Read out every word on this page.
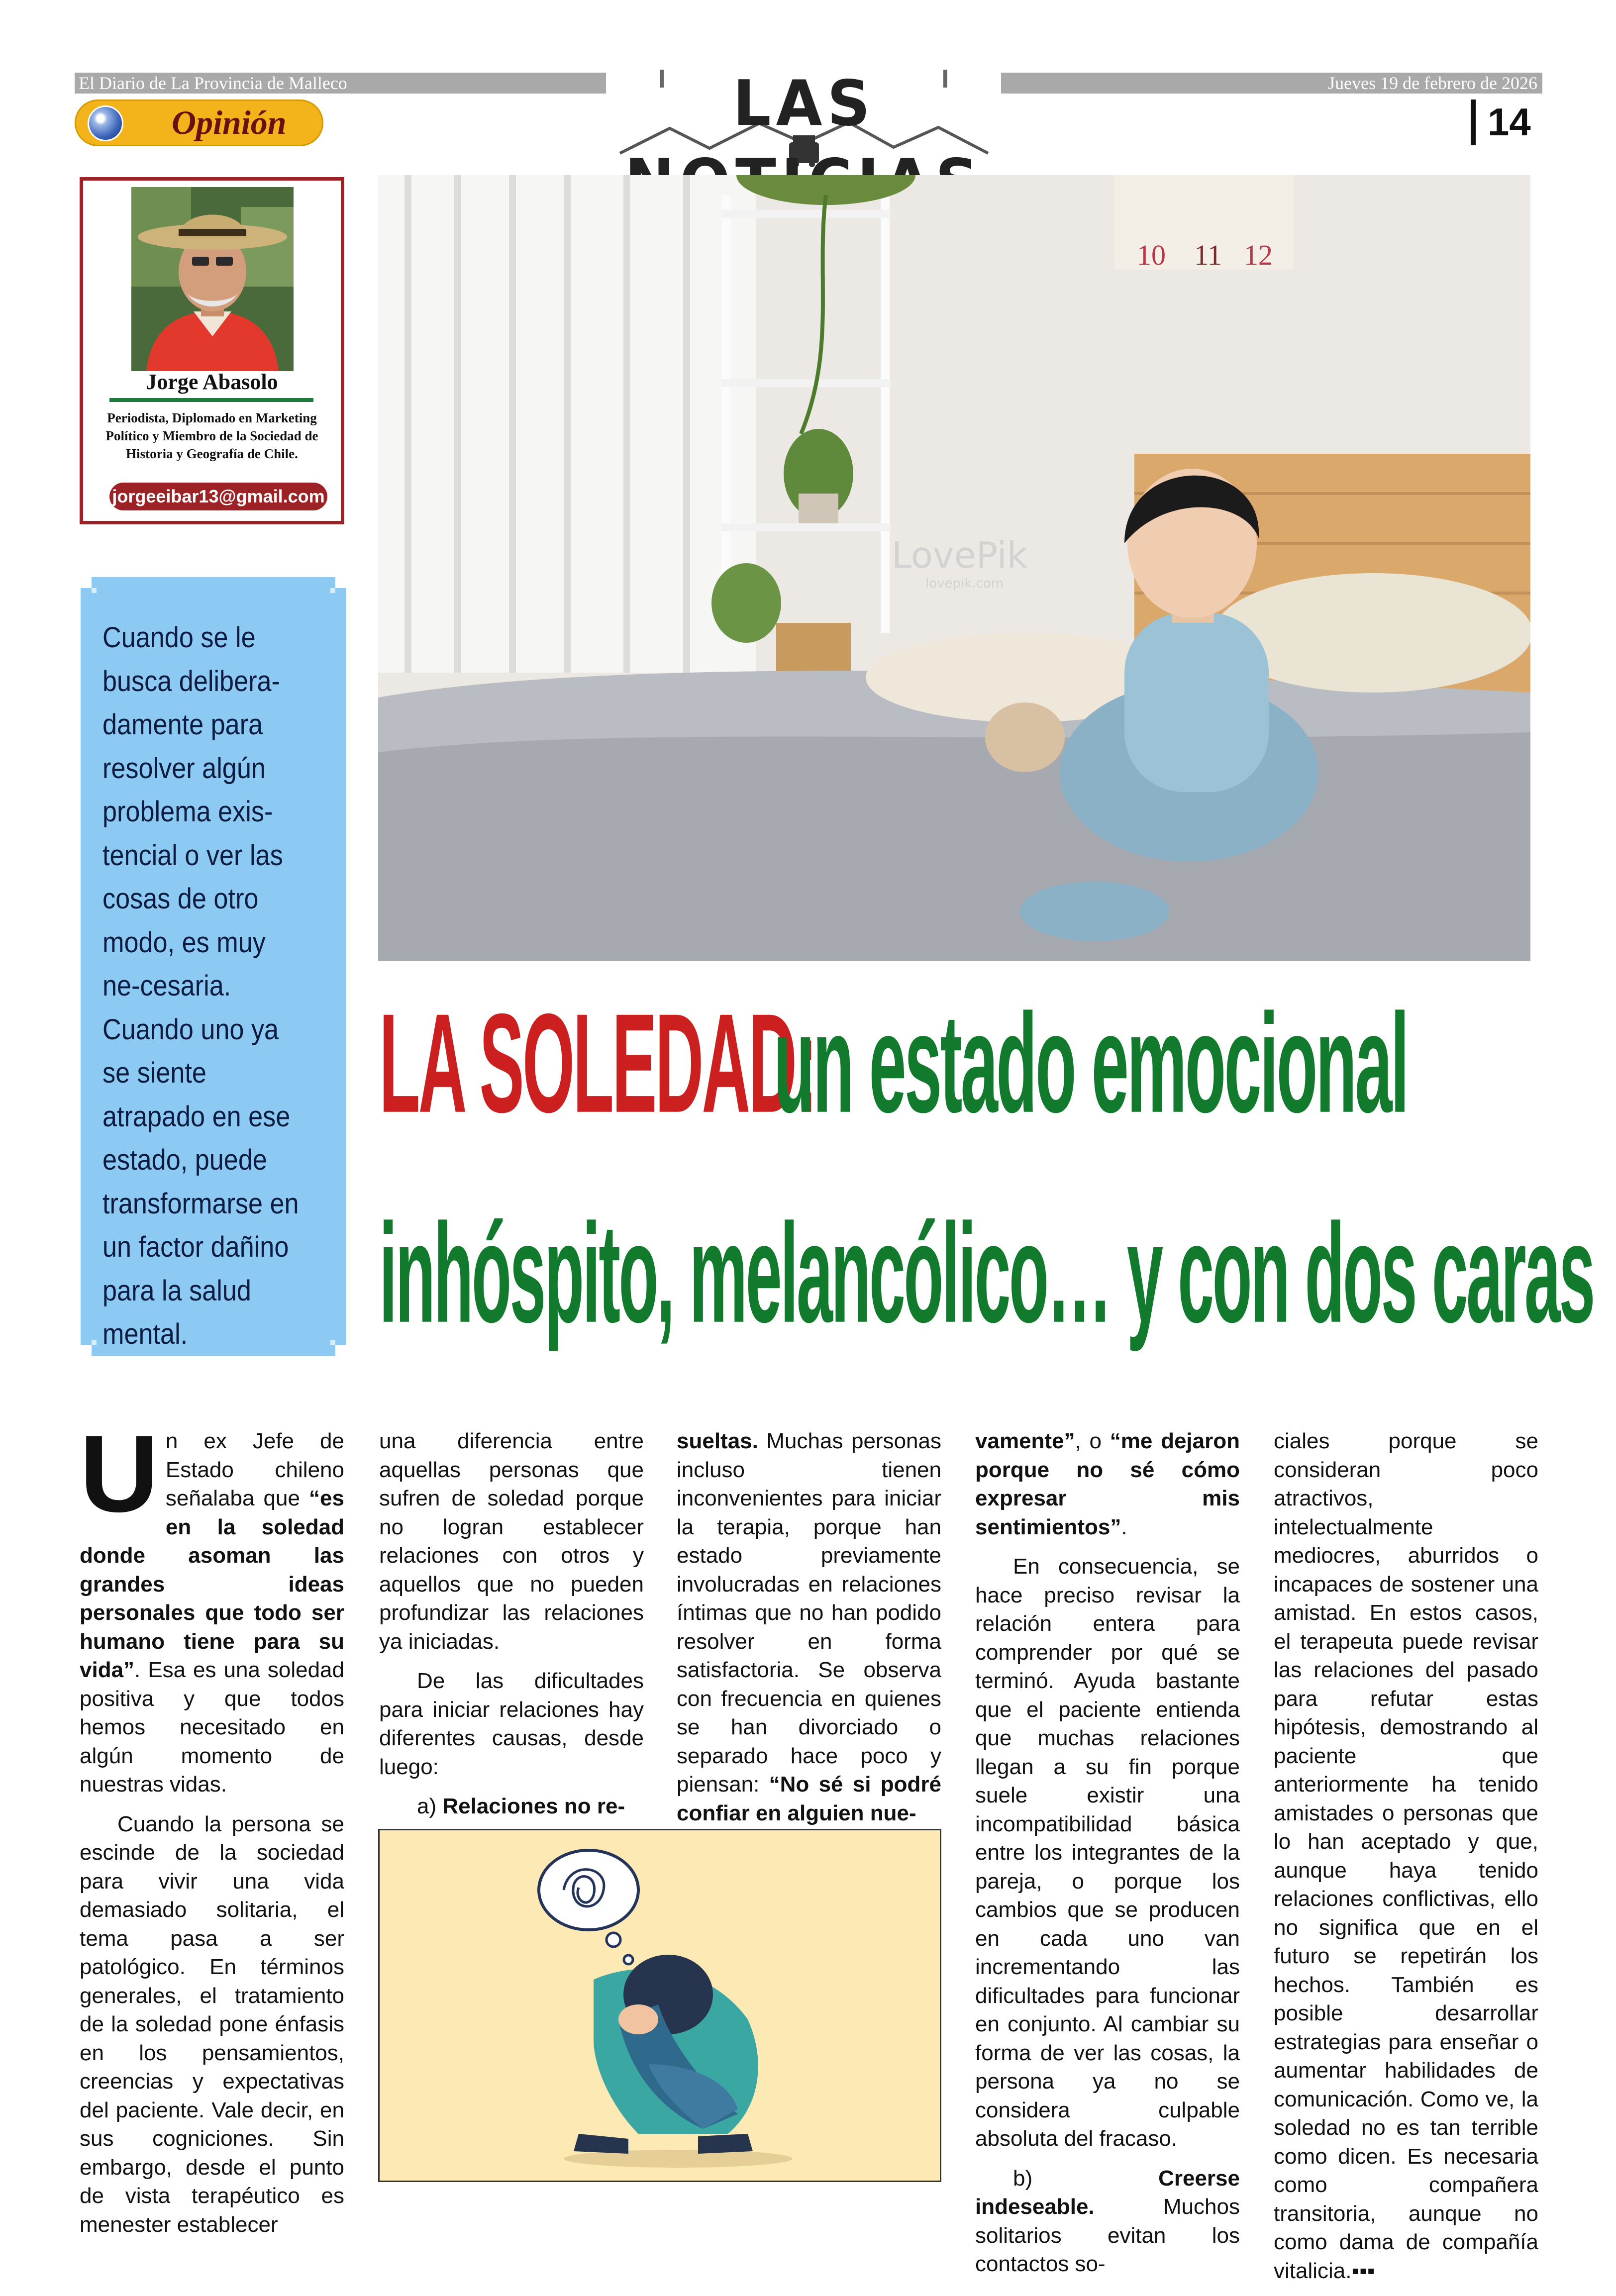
El Diario de La Provincia de Malleco	Jueves 19 de febrero de 2026
Opinión	LAS	14
Jorge Abasolo
Periodista, Diplomado en Marketing Político y Miembro de la Sociedad de Historia y Geografía de Chile.
jorgeeibar13@gmail.com
Cuando se le busca delibera-damente para resolver algún problema exis-tencial o ver las cosas de otro modo, es muy ne-cesaria. Cuando uno ya se siente atrapado en ese estado, puede transformarse en un factor dañino para la salud mental.
10 11 12
LovePik
lovepik.com
LA SOLEDAD:
un estado emocional
inhóspito, melancólico… y con dos caras

Un ex Jefe de Estado chileno señalaba que “es en la soledad donde asoman las grandes ideas personales que todo ser humano tiene para su vida”. Esa es una soledad positiva y que todos hemos necesitado en algún momento de nuestras vidas.

Cuando la persona se escinde de la sociedad para vivir una vida demasiado solitaria, el tema pasa a ser patológico. En términos generales, el tratamiento de la soledad pone énfasis en los pensamientos, creencias y expectativas del paciente. Vale decir, en sus cogniciones. Sin embargo, desde el punto de vista terapéutico es menester establecer

una diferencia entre aquellas personas que sufren de soledad porque no logran establecer relaciones con otros y aquellos que no pueden profundizar las relaciones ya iniciadas.

De las dificultades para iniciar relaciones hay diferentes causas, desde luego:

a) Relaciones no re-

sueltas. Muchas personas incluso tienen inconvenientes para iniciar la terapia, porque han estado previamente involucradas en relaciones íntimas que no han podido resolver en forma satisfactoria. Se observa con frecuencia en quienes se han divorciado o separado hace poco y piensan: “No sé si podré confiar en alguien nue-

vamente”, o “me dejaron porque no sé cómo expresar mis sentimientos”.

En consecuencia, se hace preciso revisar la relación entera para comprender por qué se terminó. Ayuda bastante que el paciente entienda que muchas relaciones llegan a su fin porque suele existir una incompatibilidad básica entre los integrantes de la pareja, o porque los cambios que se producen en cada uno van incrementando las dificultades para funcionar en conjunto. Al cambiar su forma de ver las cosas, la persona ya no se considera culpable absoluta del fracaso.

b) Creerse indeseable. Muchos solitarios evitan los contactos so-

ciales porque se consideran poco atractivos, intelectualmente mediocres, aburridos o incapaces de sostener una amistad. En estos casos, el terapeuta puede revisar las relaciones del pasado para refutar estas hipótesis, demostrando al paciente que anteriormente ha tenido amistades o personas que lo han aceptado y que, aunque haya tenido relaciones conflictivas, ello no significa que en el futuro se repetirán los hechos. También es posible desarrollar estrategias para enseñar o aumentar habilidades de comunicación. Como ve, la soledad no es tan terrible como dicen. Es necesaria como compañera transitoria, aunque no como dama de compañía vitalicia.▪▪▪
